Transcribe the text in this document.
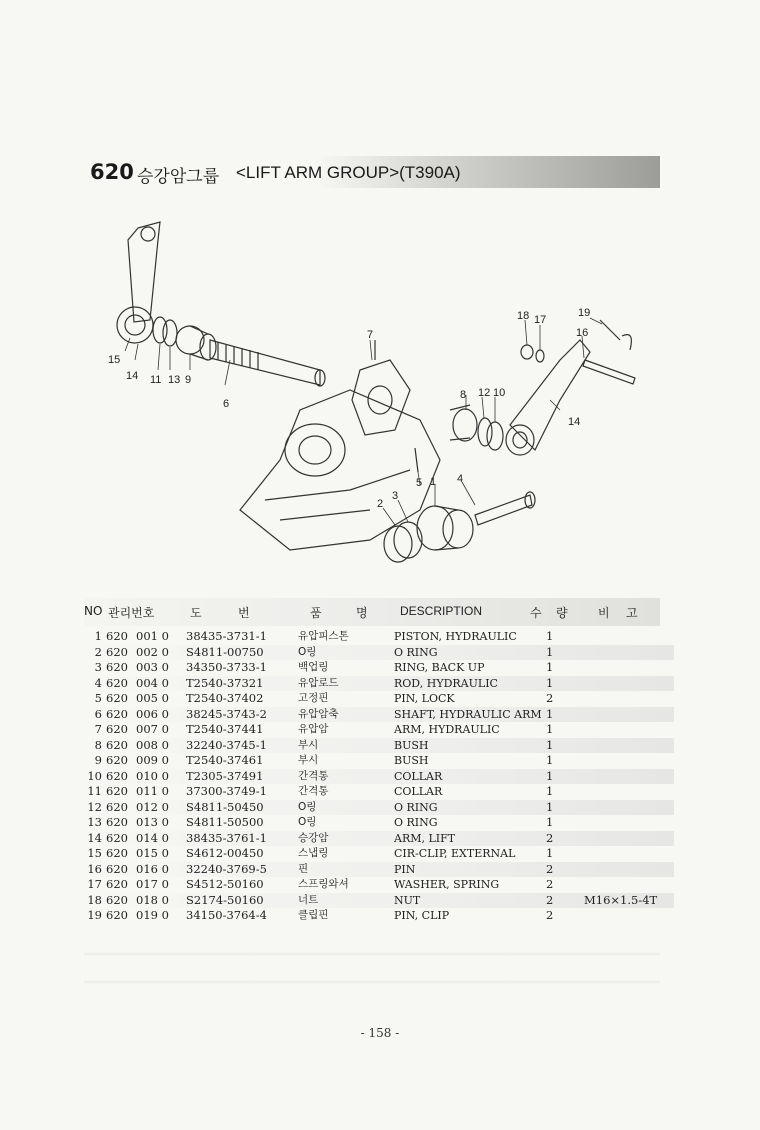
620 승강암그룹 <LIFT ARM GROUP>(T390A)
8
1
2
3
4
5
6
7
9
10
11
12
13
14
14
15
16
17
18	19
NO 관리번호	도	번	품	명	DESCRIPTION	수 량	비 고
1 620 001 0 38435-3731-1	유압피스톤	PISTON, HYDRAULIC	1
2 620 002 0 S4811-00750	O링	O RING	1
3 620 003 0 34350-3733-1	백업링	RING, BACK UP	1
4 620 004 0 T2540-37321	유압로드	ROD, HYDRAULIC	1
5 620 005 0 T2540-37402	고정핀	PIN, LOCK	2
6 620 006 0 38245-3743-2	유압암축	SHAFT, HYDRAULIC ARM 1
7 620 007 0 T2540-37441	유압암	ARM, HYDRAULIC	1
8 620 008 0 32240-3745-1	부시	BUSH	1
9 620 009 0 T2540-37461	부시	BUSH	1
10 620 010 0 T2305-37491	간격통	COLLAR	1
11 620 011 0 37300-3749-1	간격통	COLLAR	1
12 620 012 0 S4811-50450	O링	O RING	1
13 620 013 0 S4811-50500	O링	O RING	1
14 620 014 0 38435-3761-1	승강암	ARM, LIFT	2
15 620 015 0 S4612-00450	스냅링	CIR-CLIP, EXTERNAL	1
16 620 016 0 32240-3769-5	핀	PIN	2
17 620 017 0 S4512-50160	스프링와셔	WASHER, SPRING	2
18 620 018 0 S2174-50160	너트	NUT	2	M16×1.5-4T
19 620 019 0 34150-3764-4	클립핀	PIN, CLIP	2
- 158 -
